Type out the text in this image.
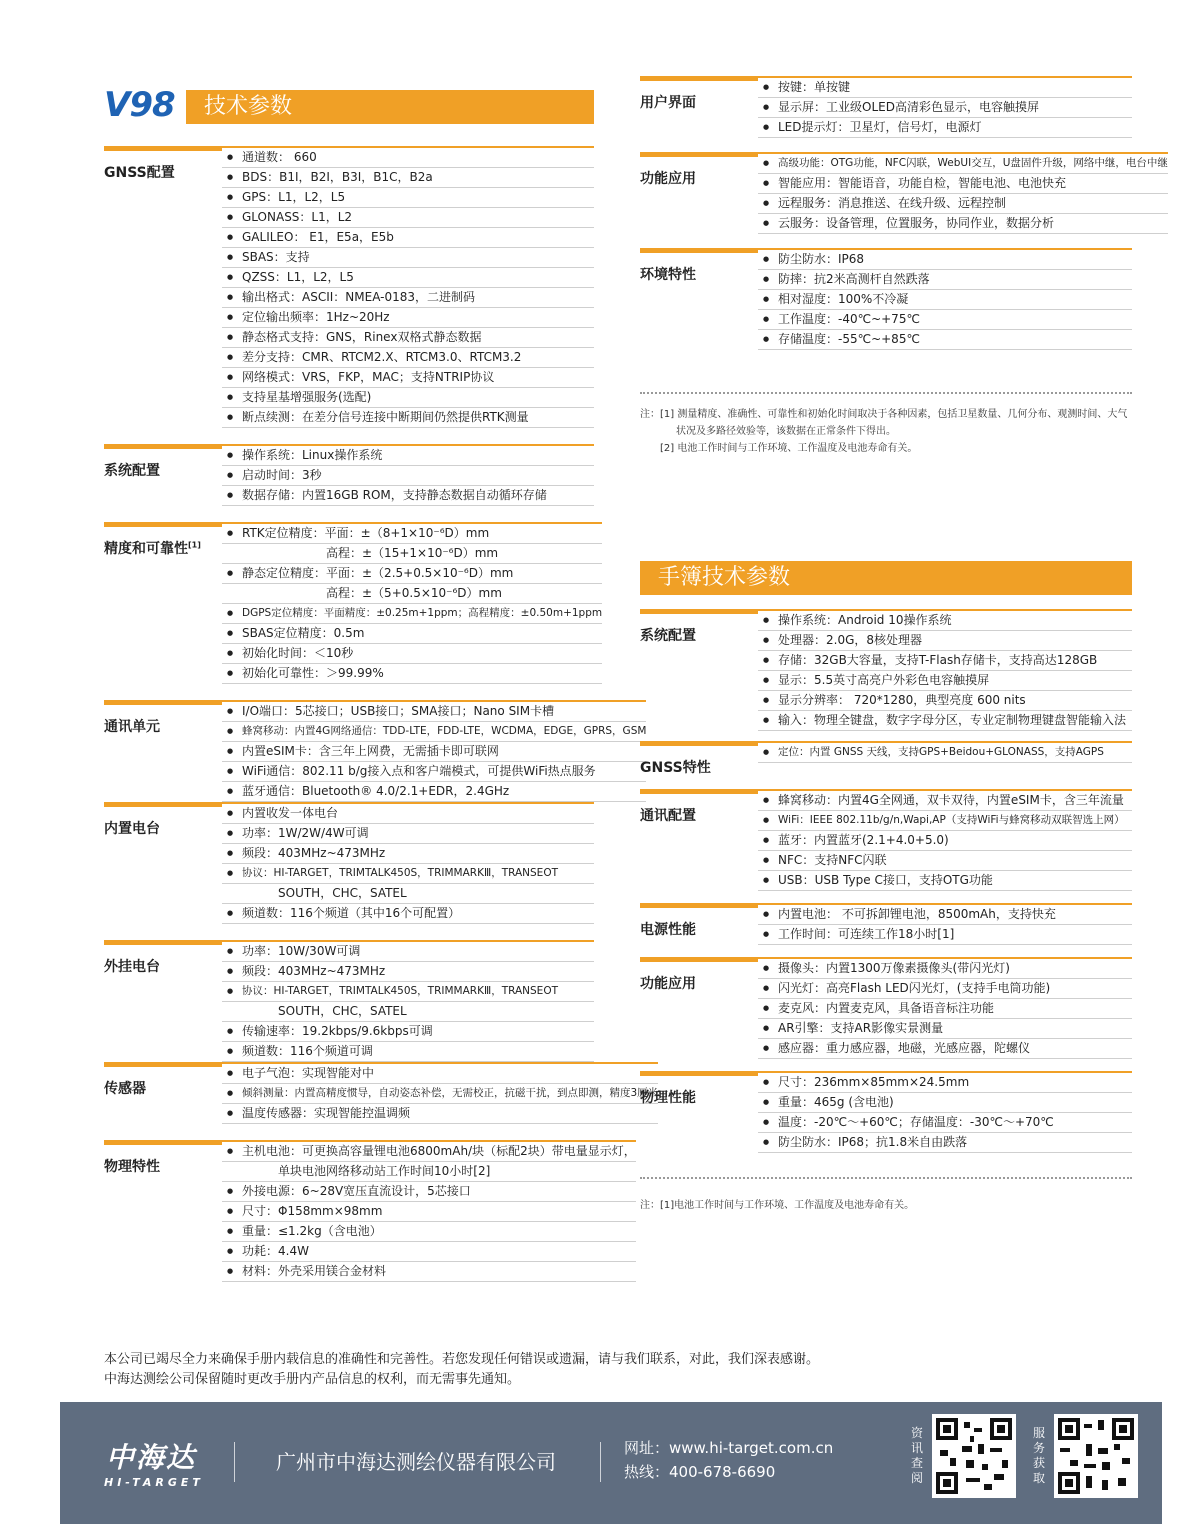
V98	技术参数
GNSS配置
● 通道数： 660
● BDS：B1I，B2I，B3I，B1C，B2a
● GPS：L1，L2，L5
● GLONASS：L1，L2
● GALILEO： E1，E5a，E5b
● SBAS：支持
● QZSS：L1，L2，L5
● 输出格式：ASCII：NMEA-0183，二进制码
● 定位输出频率：1Hz~20Hz
● 静态格式支持：GNS，Rinex双格式静态数据
● 差分支持：CMR、RTCM2.X、RTCM3.0、RTCM3.2
● 网络模式：VRS，FKP，MAC；支持NTRIP协议
● 支持星基增强服务(选配)
● 断点续测：在差分信号连接中断期间仍然提供RTK测量
系统配置
● 操作系统：Linux操作系统
● 启动时间：3秒
● 数据存储：内置16GB ROM，支持静态数据自动循环存储
精度和可靠性[1]
● RTK定位精度：平面：±（8+1×10⁻⁶D）mm
高程：±（15+1×10⁻⁶D）mm
● 静态定位精度：平面：±（2.5+0.5×10⁻⁶D）mm
高程：±（5+0.5×10⁻⁶D）mm
● DGPS定位精度：平面精度：±0.25m+1ppm；高程精度：±0.50m+1ppm
● SBAS定位精度：0.5m
● 初始化时间：＜10秒
● 初始化可靠性：＞99.99%
通讯单元
● I/O端口：5芯接口；USB接口；SMA接口；Nano SIM卡槽
● 蜂窝移动：内置4G网络通信：TDD-LTE，FDD-LTE，WCDMA，EDGE，GPRS，GSM
● 内置eSIM卡：含三年上网费，无需插卡即可联网
● WiFi通信：802.11 b/g接入点和客户端模式，可提供WiFi热点服务
● 蓝牙通信：Bluetooth® 4.0/2.1+EDR，2.4GHz
内置电台
● 内置收发一体电台
● 功率：1W/2W/4W可调
● 频段：403MHz~473MHz
● 协议：HI-TARGET，TRIMTALK450S，TRIMMARKⅢ，TRANSEOT
SOUTH，CHC，SATEL
● 频道数：116个频道（其中16个可配置）
外挂电台
● 功率：10W/30W可调
● 频段：403MHz~473MHz
● 协议：HI-TARGET，TRIMTALK450S，TRIMMARKⅢ，TRANSEOT
SOUTH，CHC，SATEL
● 传输速率：19.2kbps/9.6kbps可调
● 频道数：116个频道可调
传感器
● 电子气泡：实现智能对中
● 倾斜测量：内置高精度惯导，自动姿态补偿，无需校正，抗磁干扰，到点即测，精度3厘米
● 温度传感器：实现智能控温调频
物理特性
● 主机电池：可更换高容量锂电池6800mAh/块（标配2块）带电量显示灯，
单块电池网络移动站工作时间10小时[2]
● 外接电源：6~28V宽压直流设计，5芯接口
● 尺寸：Φ158mm×98mm
● 重量：≤1.2kg（含电池）
● 功耗：4.4W
● 材料：外壳采用镁合金材料
用户界面
● 按键：单按键
● 显示屏：工业级OLED高清彩色显示，电容触摸屏
● LED提示灯：卫星灯，信号灯，电源灯
功能应用
● 高级功能：OTG功能，NFC闪联，WebUI交互，U盘固件升级，网络中继，电台中继
● 智能应用：智能语音，功能自检，智能电池、电池快充
● 远程服务：消息推送、在线升级、远程控制
● 云服务：设备管理，位置服务，协同作业，数据分析
环境特性
● 防尘防水：IP68
● 防摔：抗2米高测杆自然跌落
● 相对湿度：100%不冷凝
● 工作温度：-40℃~+75℃
● 存储温度：-55℃~+85℃
注：[1] 测量精度、准确性、可靠性和初始化时间取决于各种因素，包括卫星数量、几何分布、观测时间、大气
状况及多路径效验等，该数据在正常条件下得出。
[2] 电池工作时间与工作环境、工作温度及电池寿命有关。
手簿技术参数
系统配置
● 操作系统：Android 10操作系统
● 处理器：2.0G，8核处理器
● 存储：32GB大容量，支持T-Flash存储卡，支持高达128GB
● 显示：5.5英寸高亮户外彩色电容触摸屏
● 显示分辨率： 720*1280，典型亮度 600 nits
● 输入：物理全键盘，数字字母分区，专业定制物理键盘智能输入法
GNSS特性
● 定位：内置 GNSS 天线，支持GPS+Beidou+GLONASS，支持AGPS
通讯配置
● 蜂窝移动：内置4G全网通，双卡双待，内置eSIM卡，含三年流量
● WiFi：IEEE 802.11b/g/n,Wapi,AP（支持WiFi与蜂窝移动双联智选上网）
● 蓝牙：内置蓝牙(2.1+4.0+5.0)
● NFC：支持NFC闪联
● USB：USB Type C接口，支持OTG功能
电源性能
● 内置电池： 不可拆卸锂电池，8500mAh，支持快充
● 工作时间：可连续工作18小时[1]
功能应用
● 摄像头：内置1300万像素摄像头(带闪光灯)
● 闪光灯：高亮Flash LED闪光灯，(支持手电筒功能)
● 麦克风：内置麦克风，具备语音标注功能
● AR引擎：支持AR影像实景测量
● 感应器：重力感应器，地磁，光感应器，陀螺仪
物理性能
● 尺寸：236mm×85mm×24.5mm
● 重量：465g (含电池)
● 温度：-20℃～+60℃；存储温度：-30℃～+70℃
● 防尘防水：IP68；抗1.8米自由跌落
注：[1]电池工作时间与工作环境、工作温度及电池寿命有关。
本公司已竭尽全力来确保手册内载信息的准确性和完善性。若您发现任何错误或遗漏，请与我们联系，对此，我们深表感谢。
中海达测绘公司保留随时更改手册内产品信息的权利，而无需事先通知。
中海达
HI-TARGET
广州市中海达测绘仪器有限公司
网址：www.hi-target.com.cn
热线：400-678-6690
资讯查阅
服务获取
